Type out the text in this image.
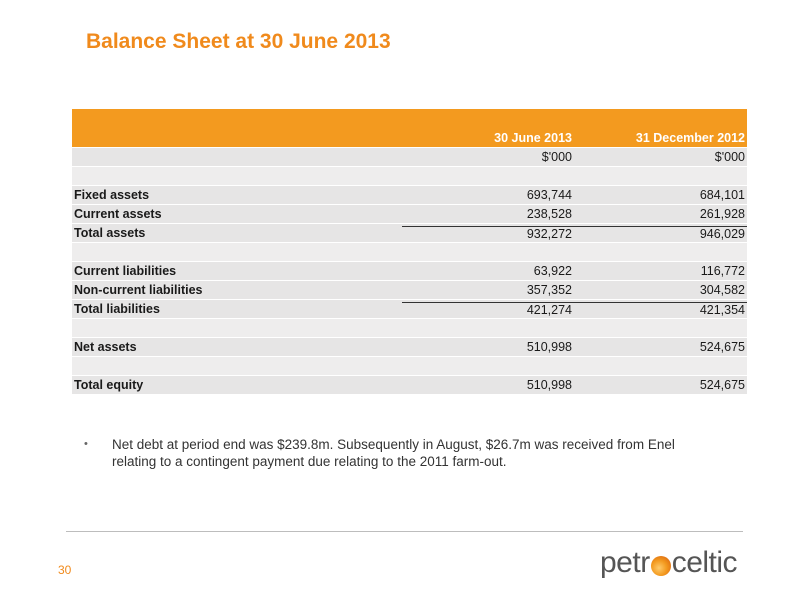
Balance Sheet at 30 June 2013
30 June 2013	31 December 2012
$'000	$'000
Fixed assets	693,744	684,101
Current assets	238,528	261,928
Total assets	932,272	946,029
Current liabilities	63,922	116,772
Non-current liabilities	357,352	304,582
Total liabilities	421,274	421,354
Net assets	510,998	524,675
Total equity	510,998	524,675
•	Net debt at period end was $239.8m. Subsequently in August, $26.7m was received from Enel relating to a contingent payment due relating to the 2011 farm-out.
30	petr celtic
